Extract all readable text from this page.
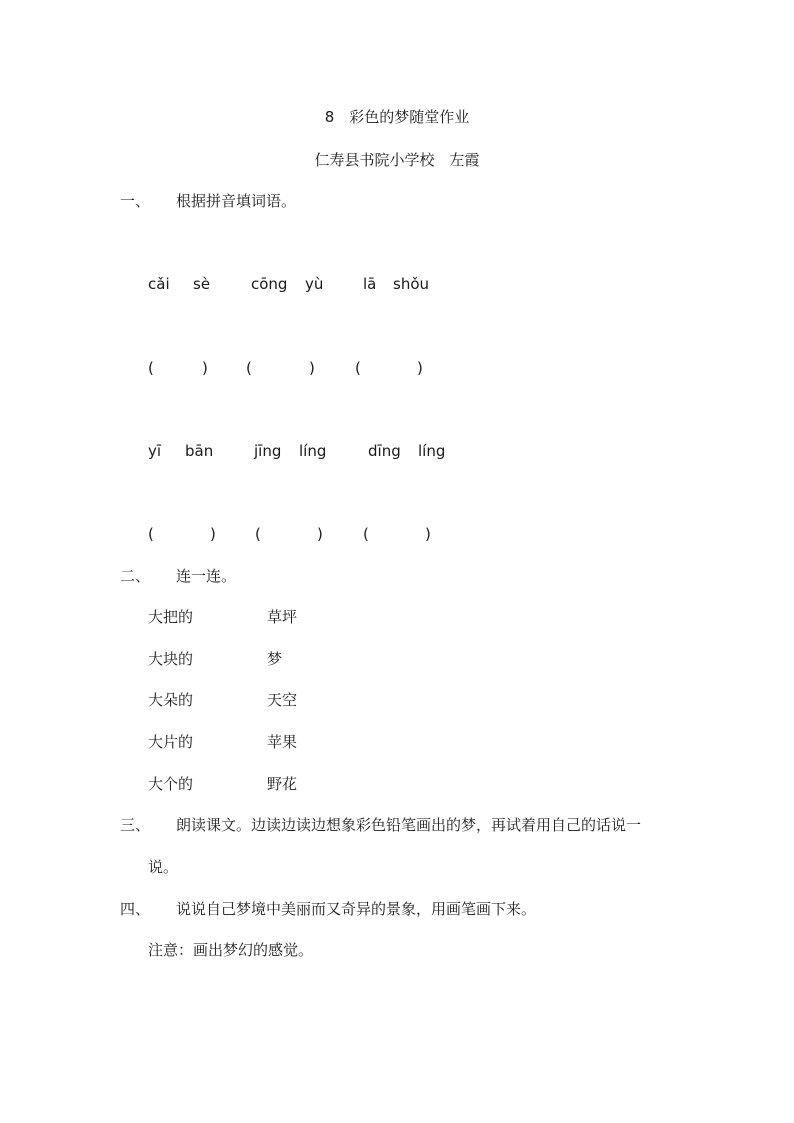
8　彩色的梦随堂作业
仁寿县书院小学校　左霞
一、 根据拼音填词语。
cǎi sè	cōng yù	lā shǒu
(	)	(	)	(	)
yī bān	jīng líng	dīng líng
(	)	(	)	(	)
二、 连一连。
大把的	草坪
大块的	梦
大朵的	天空
大片的	苹果
大个的	野花
三、 朗读课文。边读边读边想象彩色铅笔画出的梦，再试着用自己的话说一
说。
四、 说说自己梦境中美丽而又奇异的景象，用画笔画下来。
注意：画出梦幻的感觉。
